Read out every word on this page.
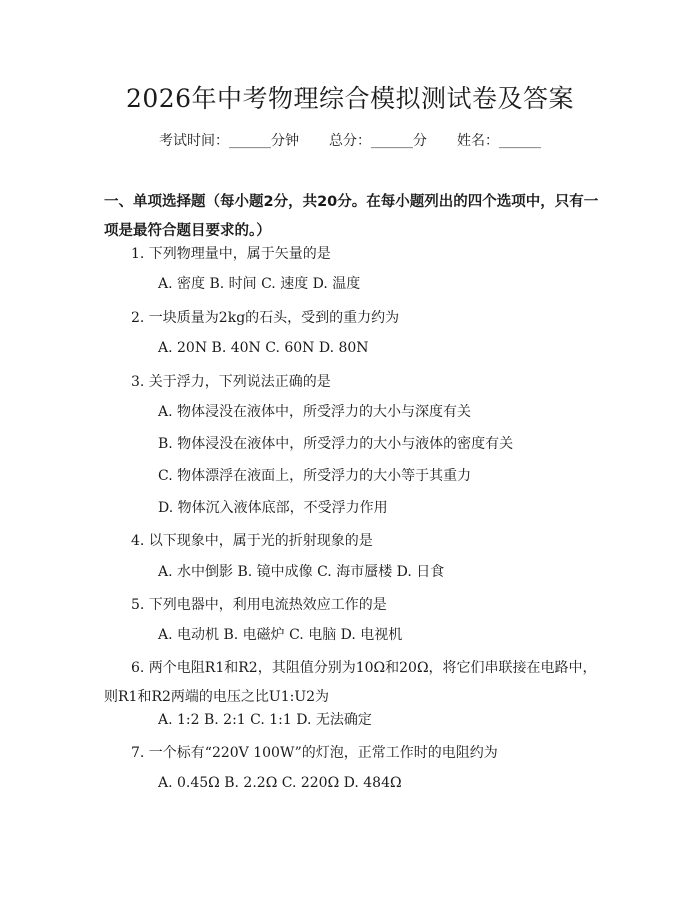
2026年中考物理综合模拟测试卷及答案
考试时间：______分钟 总分：______分 姓名：______
一、单项选择题（每小题2分，共20分。在每小题列出的四个选项中，只有一项是最符合题目要求的。）
1. 下列物理量中，属于矢量的是
A. 密度 B. 时间 C. 速度 D. 温度
2. 一块质量为2kg的石头，受到的重力约为
A. 20N B. 40N C. 60N D. 80N
3. 关于浮力，下列说法正确的是
A. 物体浸没在液体中，所受浮力的大小与深度有关
B. 物体浸没在液体中，所受浮力的大小与液体的密度有关
C. 物体漂浮在液面上，所受浮力的大小等于其重力
D. 物体沉入液体底部，不受浮力作用
4. 以下现象中，属于光的折射现象的是
A. 水中倒影 B. 镜中成像 C. 海市蜃楼 D. 日食
5. 下列电器中，利用电流热效应工作的是
A. 电动机 B. 电磁炉 C. 电脑 D. 电视机
6. 两个电阻R1和R2，其阻值分别为10Ω和20Ω，将它们串联接在电路中，则R1和R2两端的电压之比U1:U2为
A. 1:2 B. 2:1 C. 1:1 D. 无法确定
7. 一个标有“220V 100W”的灯泡，正常工作时的电阻约为
A. 0.45Ω B. 2.2Ω C. 220Ω D. 484Ω
